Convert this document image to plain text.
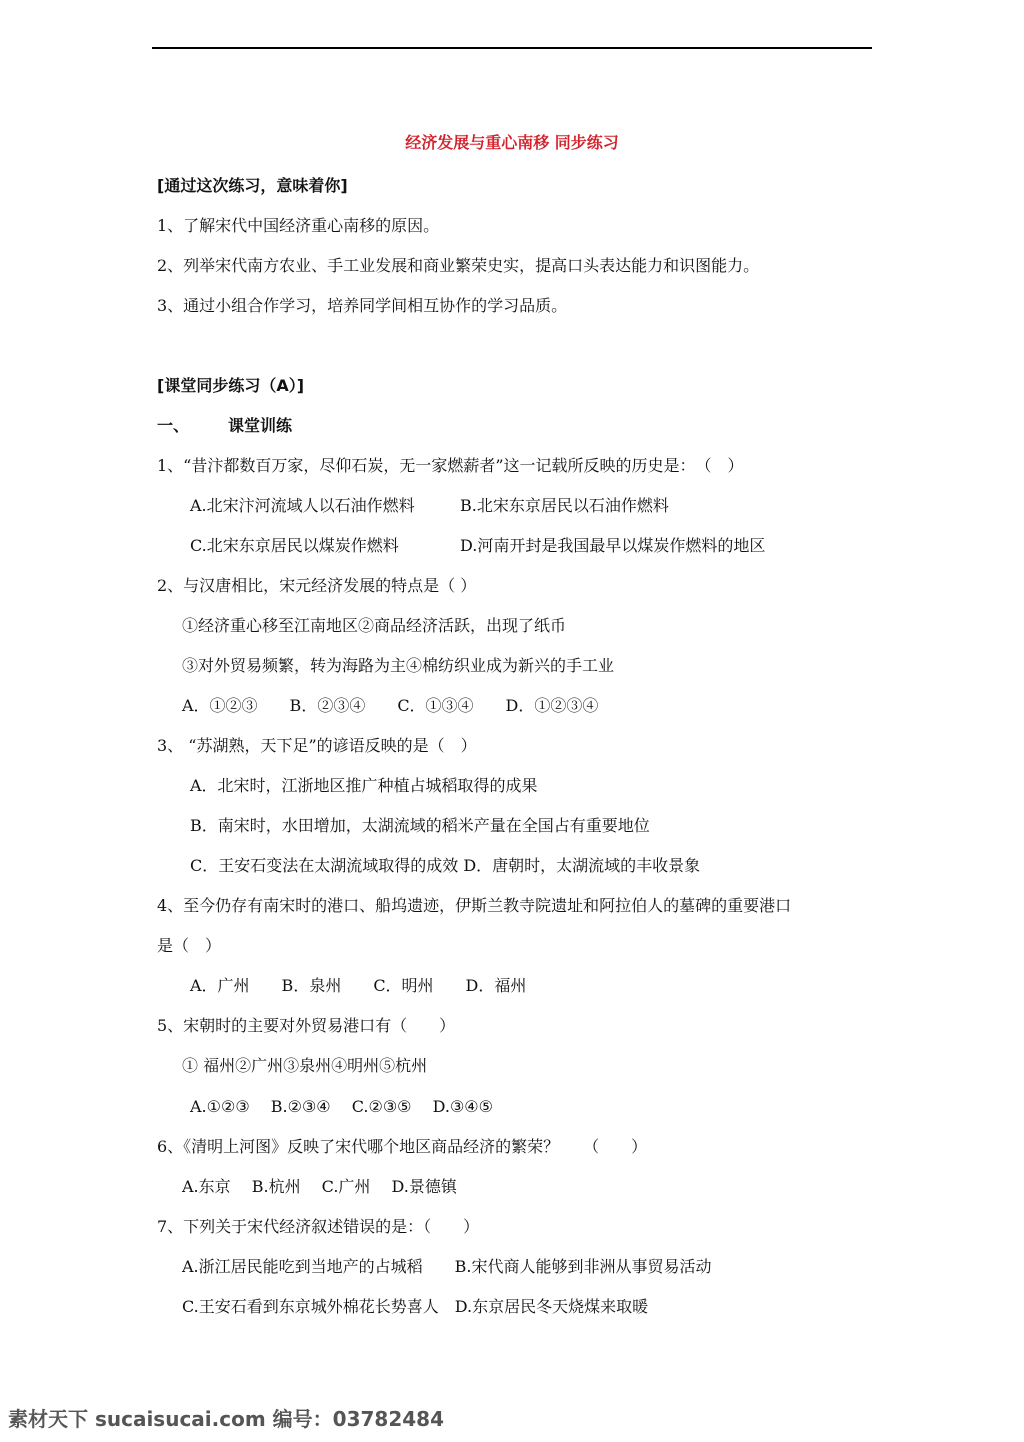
经济发展与重心南移 同步练习
[通过这次练习，意味着你]
1、了解宋代中国经济重心南移的原因。
2、列举宋代南方农业、手工业发展和商业繁荣史实，提高口头表达能力和识图能力。
3、通过小组合作学习，培养同学间相互协作的学习品质。
[课堂同步练习（A）]
一、 课堂训练
1、“昔汴都数百万家，尽仰石炭，无一家燃薪者”这一记载所反映的历史是：　（　）
A.北宋汴河流域人以石油作燃料	B.北宋东京居民以石油作燃料
C.北宋东京居民以煤炭作燃料	D.河南开封是我国最早以煤炭作燃料的地区
2、与汉唐相比，宋元经济发展的特点是（ ）
①经济重心移至江南地区②商品经济活跃，出现了纸币
③对外贸易频繁，转为海路为主④棉纺织业成为新兴的手工业
A．①②③　　B．②③④　　C．①③④　　D．①②③④
3、 “苏湖熟，天下足”的谚语反映的是（　）
A．北宋时，江浙地区推广种植占城稻取得的成果
B．南宋时，水田增加，太湖流域的稻米产量在全国占有重要地位
C．王安石变法在太湖流域取得的成效 D．唐朝时，太湖流域的丰收景象
4、至今仍存有南宋时的港口、船坞遗迹，伊斯兰教寺院遗址和阿拉伯人的墓碑的重要港口
是（　）
A．广州　　B．泉州　　C．明州　　D．福州
5、宋朝时的主要对外贸易港口有（　　）
① 福州②广州③泉州④明州⑤杭州
A.①②③　 B.②③④　 C.②③⑤　 D.③④⑤
6、《清明上河图》反映了宋代哪个地区商品经济的繁荣？　　（　　）
A.东京　 B.杭州　 C.广州　 D.景德镇
7、下列关于宋代经济叙述错误的是：（　　）
A.浙江居民能吃到当地产的占城稻　　B.宋代商人能够到非洲从事贸易活动
C.王安石看到东京城外棉花长势喜人　D.东京居民冬天烧煤来取暖
素材天下 sucaisucai.com 编号：03782484
